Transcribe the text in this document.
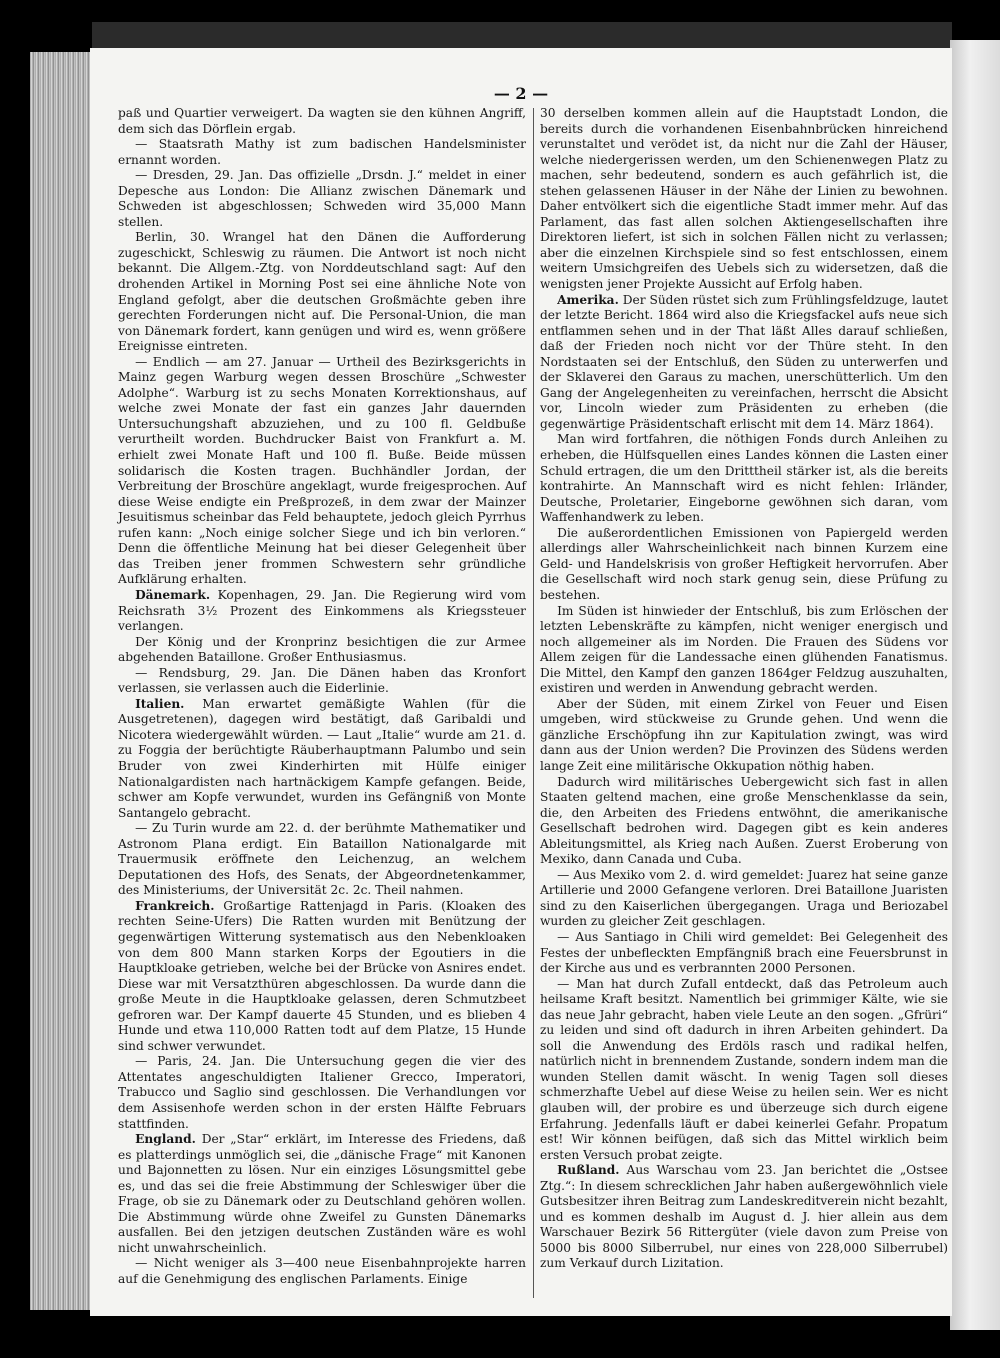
— 2 —

paß und Quartier verweigert. Da wagten sie den kühnen Angriff, dem sich das Dörflein ergab.

— Staatsrath Mathy ist zum badischen Handelsminister ernannt worden.

— Dresden, 29. Jan. Das offizielle „Drsdn. J.“ meldet in einer Depesche aus London: Die Allianz zwischen Dänemark und Schweden ist abgeschlossen; Schweden wird 35,000 Mann stellen.

Berlin, 30. Wrangel hat den Dänen die Aufforderung zugeschickt, Schleswig zu räumen. Die Antwort ist noch nicht bekannt. Die Allgem.-Ztg. von Norddeutschland sagt: Auf den drohenden Artikel in Morning Post sei eine ähnliche Note von England gefolgt, aber die deutschen Großmächte geben ihre gerechten Forderungen nicht auf. Die Personal-Union, die man von Dänemark fordert, kann genügen und wird es, wenn größere Ereignisse eintreten.

— Endlich — am 27. Januar — Urtheil des Bezirksgerichts in Mainz gegen Warburg wegen dessen Broschüre „Schwester Adolphe“. Warburg ist zu sechs Monaten Korrektionshaus, auf welche zwei Monate der fast ein ganzes Jahr dauernden Untersuchungshaft abzuziehen, und zu 100 fl. Geldbuße verurtheilt worden. Buchdrucker Baist von Frankfurt a. M. erhielt zwei Monate Haft und 100 fl. Buße. Beide müssen solidarisch die Kosten tragen. Buchhändler Jordan, der Verbreitung der Broschüre angeklagt, wurde freigesprochen. Auf diese Weise endigte ein Preßprozeß, in dem zwar der Mainzer Jesuitismus scheinbar das Feld behauptete, jedoch gleich Pyrrhus rufen kann: „Noch einige solcher Siege und ich bin verloren.“ Denn die öffentliche Meinung hat bei dieser Gelegenheit über das Treiben jener frommen Schwestern sehr gründliche Aufklärung erhalten.

Dänemark. Kopenhagen, 29. Jan. Die Regierung wird vom Reichsrath 3½ Prozent des Einkommens als Kriegssteuer verlangen.

Der König und der Kronprinz besichtigen die zur Armee abgehenden Bataillone. Großer Enthusiasmus.

— Rendsburg, 29. Jan. Die Dänen haben das Kronfort verlassen, sie verlassen auch die Eiderlinie.

Italien. Man erwartet gemäßigte Wahlen (für die Ausgetretenen), dagegen wird bestätigt, daß Garibaldi und Nicotera wiedergewählt würden. — Laut „Italie“ wurde am 21. d. zu Foggia der berüchtigte Räuberhauptmann Palumbo und sein Bruder von zwei Kinderhirten mit Hülfe einiger Nationalgardisten nach hartnäckigem Kampfe gefangen. Beide, schwer am Kopfe verwundet, wurden ins Gefängniß von Monte Santangelo gebracht.

— Zu Turin wurde am 22. d. der berühmte Mathematiker und Astronom Plana erdigt. Ein Bataillon Nationalgarde mit Trauermusik eröffnete den Leichenzug, an welchem Deputationen des Hofs, des Senats, der Abgeordnetenkammer, des Ministeriums, der Universität 2c. 2c. Theil nahmen.

Frankreich. Großartige Rattenjagd in Paris. (Kloaken des rechten Seine-Ufers) Die Ratten wurden mit Benützung der gegenwärtigen Witterung systematisch aus den Nebenkloaken von dem 800 Mann starken Korps der Egoutiers in die Hauptkloake getrieben, welche bei der Brücke von Asnires endet. Diese war mit Versatzthüren abgeschlossen. Da wurde dann die große Meute in die Hauptkloake gelassen, deren Schmutzbeet gefroren war. Der Kampf dauerte 45 Stunden, und es blieben 4 Hunde und etwa 110,000 Ratten todt auf dem Platze, 15 Hunde sind schwer verwundet.

— Paris, 24. Jan. Die Untersuchung gegen die vier des Attentates angeschuldigten Italiener Grecco, Imperatori, Trabucco und Saglio sind geschlossen. Die Verhandlungen vor dem Assisenhofe werden schon in der ersten Hälfte Februars stattfinden.

England. Der „Star“ erklärt, im Interesse des Friedens, daß es platterdings unmöglich sei, die „dänische Frage“ mit Kanonen und Bajonnetten zu lösen. Nur ein einziges Lösungsmittel gebe es, und das sei die freie Abstimmung der Schleswiger über die Frage, ob sie zu Dänemark oder zu Deutschland gehören wollen. Die Abstimmung würde ohne Zweifel zu Gunsten Dänemarks ausfallen. Bei den jetzigen deutschen Zuständen wäre es wohl nicht unwahrscheinlich.

— Nicht weniger als 3—400 neue Eisenbahnprojekte harren auf die Genehmigung des englischen Parlaments. Einige

30 derselben kommen allein auf die Hauptstadt London, die bereits durch die vorhandenen Eisenbahnbrücken hinreichend verunstaltet und verödet ist, da nicht nur die Zahl der Häuser, welche niedergerissen werden, um den Schienenwegen Platz zu machen, sehr bedeutend, sondern es auch gefährlich ist, die stehen gelassenen Häuser in der Nähe der Linien zu bewohnen. Daher entvölkert sich die eigentliche Stadt immer mehr. Auf das Parlament, das fast allen solchen Aktiengesellschaften ihre Direktoren liefert, ist sich in solchen Fällen nicht zu verlassen; aber die einzelnen Kirchspiele sind so fest entschlossen, einem weitern Umsichgreifen des Uebels sich zu widersetzen, daß die wenigsten jener Projekte Aussicht auf Erfolg haben.

Amerika. Der Süden rüstet sich zum Frühlingsfeldzuge, lautet der letzte Bericht. 1864 wird also die Kriegsfackel aufs neue sich entflammen sehen und in der That läßt Alles darauf schließen, daß der Frieden noch nicht vor der Thüre steht. In den Nordstaaten sei der Entschluß, den Süden zu unterwerfen und der Sklaverei den Garaus zu machen, unerschütterlich. Um den Gang der Angelegenheiten zu vereinfachen, herrscht die Absicht vor, Lincoln wieder zum Präsidenten zu erheben (die gegenwärtige Präsidentschaft erlischt mit dem 14. März 1864).

Man wird fortfahren, die nöthigen Fonds durch Anleihen zu erheben, die Hülfsquellen eines Landes können die Lasten einer Schuld ertragen, die um den Dritttheil stärker ist, als die bereits kontrahirte. An Mannschaft wird es nicht fehlen: Irländer, Deutsche, Proletarier, Eingeborne gewöhnen sich daran, vom Waffenhandwerk zu leben.

Die außerordentlichen Emissionen von Papiergeld werden allerdings aller Wahrscheinlichkeit nach binnen Kurzem eine Geld- und Handelskrisis von großer Heftigkeit hervorrufen. Aber die Gesellschaft wird noch stark genug sein, diese Prüfung zu bestehen.

Im Süden ist hinwieder der Entschluß, bis zum Erlöschen der letzten Lebenskräfte zu kämpfen, nicht weniger energisch und noch allgemeiner als im Norden. Die Frauen des Südens vor Allem zeigen für die Landessache einen glühenden Fanatismus. Die Mittel, den Kampf den ganzen 1864ger Feldzug auszuhalten, existiren und werden in Anwendung gebracht werden.

Aber der Süden, mit einem Zirkel von Feuer und Eisen umgeben, wird stückweise zu Grunde gehen. Und wenn die gänzliche Erschöpfung ihn zur Kapitulation zwingt, was wird dann aus der Union werden? Die Provinzen des Südens werden lange Zeit eine militärische Okkupation nöthig haben.

Dadurch wird militärisches Uebergewicht sich fast in allen Staaten geltend machen, eine große Menschenklasse da sein, die, den Arbeiten des Friedens entwöhnt, die amerikanische Gesellschaft bedrohen wird. Dagegen gibt es kein anderes Ableitungsmittel, als Krieg nach Außen. Zuerst Eroberung von Mexiko, dann Canada und Cuba.

— Aus Mexiko vom 2. d. wird gemeldet: Juarez hat seine ganze Artillerie und 2000 Gefangene verloren. Drei Bataillone Juaristen sind zu den Kaiserlichen übergegangen. Uraga und Beriozabel wurden zu gleicher Zeit geschlagen.

— Aus Santiago in Chili wird gemeldet: Bei Gelegenheit des Festes der unbefleckten Empfängniß brach eine Feuersbrunst in der Kirche aus und es verbrannten 2000 Personen.

— Man hat durch Zufall entdeckt, daß das Petroleum auch heilsame Kraft besitzt. Namentlich bei grimmiger Kälte, wie sie das neue Jahr gebracht, haben viele Leute an den sogen. „Gfrüri“ zu leiden und sind oft dadurch in ihren Arbeiten gehindert. Da soll die Anwendung des Erdöls rasch und radikal helfen, natürlich nicht in brennendem Zustande, sondern indem man die wunden Stellen damit wäscht. In wenig Tagen soll dieses schmerzhafte Uebel auf diese Weise zu heilen sein. Wer es nicht glauben will, der probire es und überzeuge sich durch eigene Erfahrung. Jedenfalls läuft er dabei keinerlei Gefahr. Propatum est! Wir können beifügen, daß sich das Mittel wirklich beim ersten Versuch probat zeigte.

Rußland. Aus Warschau vom 23. Jan berichtet die „Ostsee Ztg.“: In diesem schrecklichen Jahr haben außergewöhnlich viele Gutsbesitzer ihren Beitrag zum Landeskreditverein nicht bezahlt, und es kommen deshalb im August d. J. hier allein aus dem Warschauer Bezirk 56 Rittergüter (viele davon zum Preise von 5000 bis 8000 Silberrubel, nur eines von 228,000 Silberrubel) zum Verkauf durch Lizitation.
